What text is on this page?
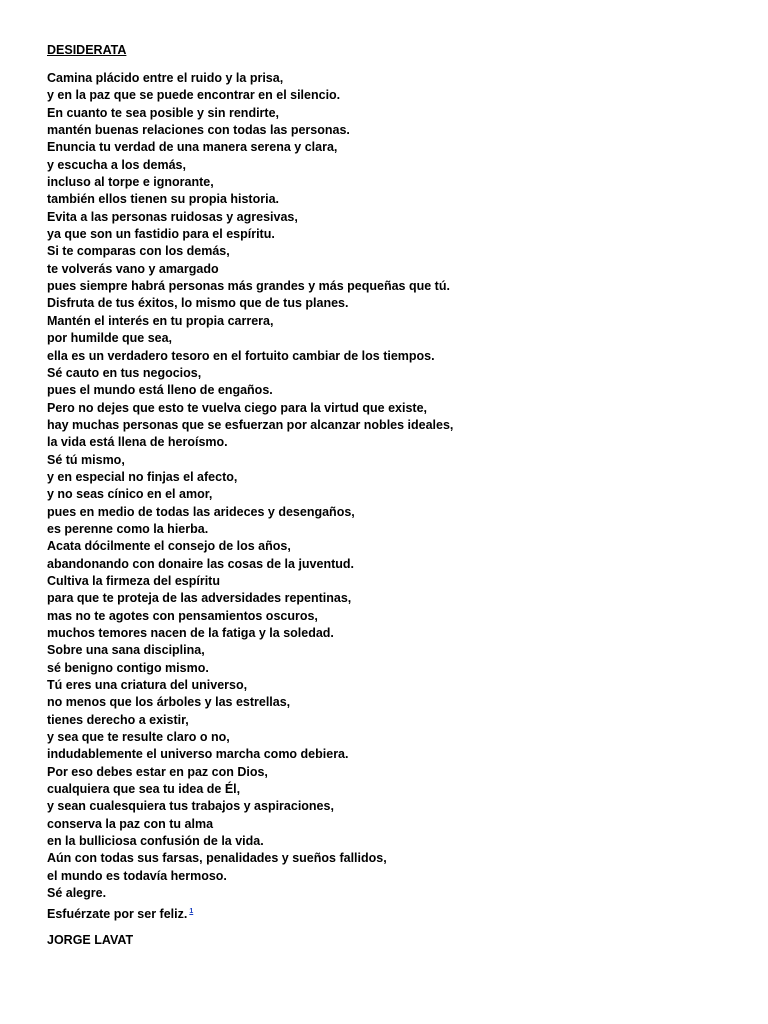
DESIDERATA
Camina plácido entre el ruido y la prisa,
y en la paz que se puede encontrar en el silencio.
En cuanto te sea posible y sin rendirte,
mantén buenas relaciones con todas las personas.
Enuncia tu verdad de una manera serena y clara,
y escucha a los demás,
incluso al torpe e ignorante,
también ellos tienen su propia historia.
Evita a las personas ruidosas y agresivas,
ya que son un fastidio para el espíritu.
Si te comparas con los demás,
te volverás vano y amargado
pues siempre habrá personas más grandes y más pequeñas que tú.
Disfruta de tus éxitos, lo mismo que de tus planes.
Mantén el interés en tu propia carrera,
por humilde que sea,
ella es un verdadero tesoro en el fortuito cambiar de los tiempos.
Sé cauto en tus negocios,
pues el mundo está lleno de engaños.
Pero no dejes que esto te vuelva ciego para la virtud que existe,
hay muchas personas que se esfuerzan por alcanzar nobles ideales,
la vida está llena de heroísmo.
Sé tú mismo,
y en especial no finjas el afecto,
y no seas cínico en el amor,
pues en medio de todas las arideces y desengaños,
es perenne como la hierba.
Acata dócilmente el consejo de los años,
abandonando con donaire las cosas de la juventud.
Cultiva la firmeza del espíritu
para que te proteja de las adversidades repentinas,
mas no te agotes con pensamientos oscuros,
muchos temores nacen de la fatiga y la soledad.
Sobre una sana disciplina,
sé benigno contigo mismo.
Tú eres una criatura del universo,
no menos que los árboles y las estrellas,
tienes derecho a existir,
y sea que te resulte claro o no,
indudablemente el universo marcha como debiera.
Por eso debes estar en paz con Dios,
cualquiera que sea tu idea de Él,
y sean cualesquiera tus trabajos y aspiraciones,
conserva la paz con tu alma
en la bulliciosa confusión de la vida.
Aún con todas sus farsas, penalidades y sueños fallidos,
el mundo es todavía hermoso.
Sé alegre.
Esfuérzate por ser feliz. $^1$
JORGE LAVAT
